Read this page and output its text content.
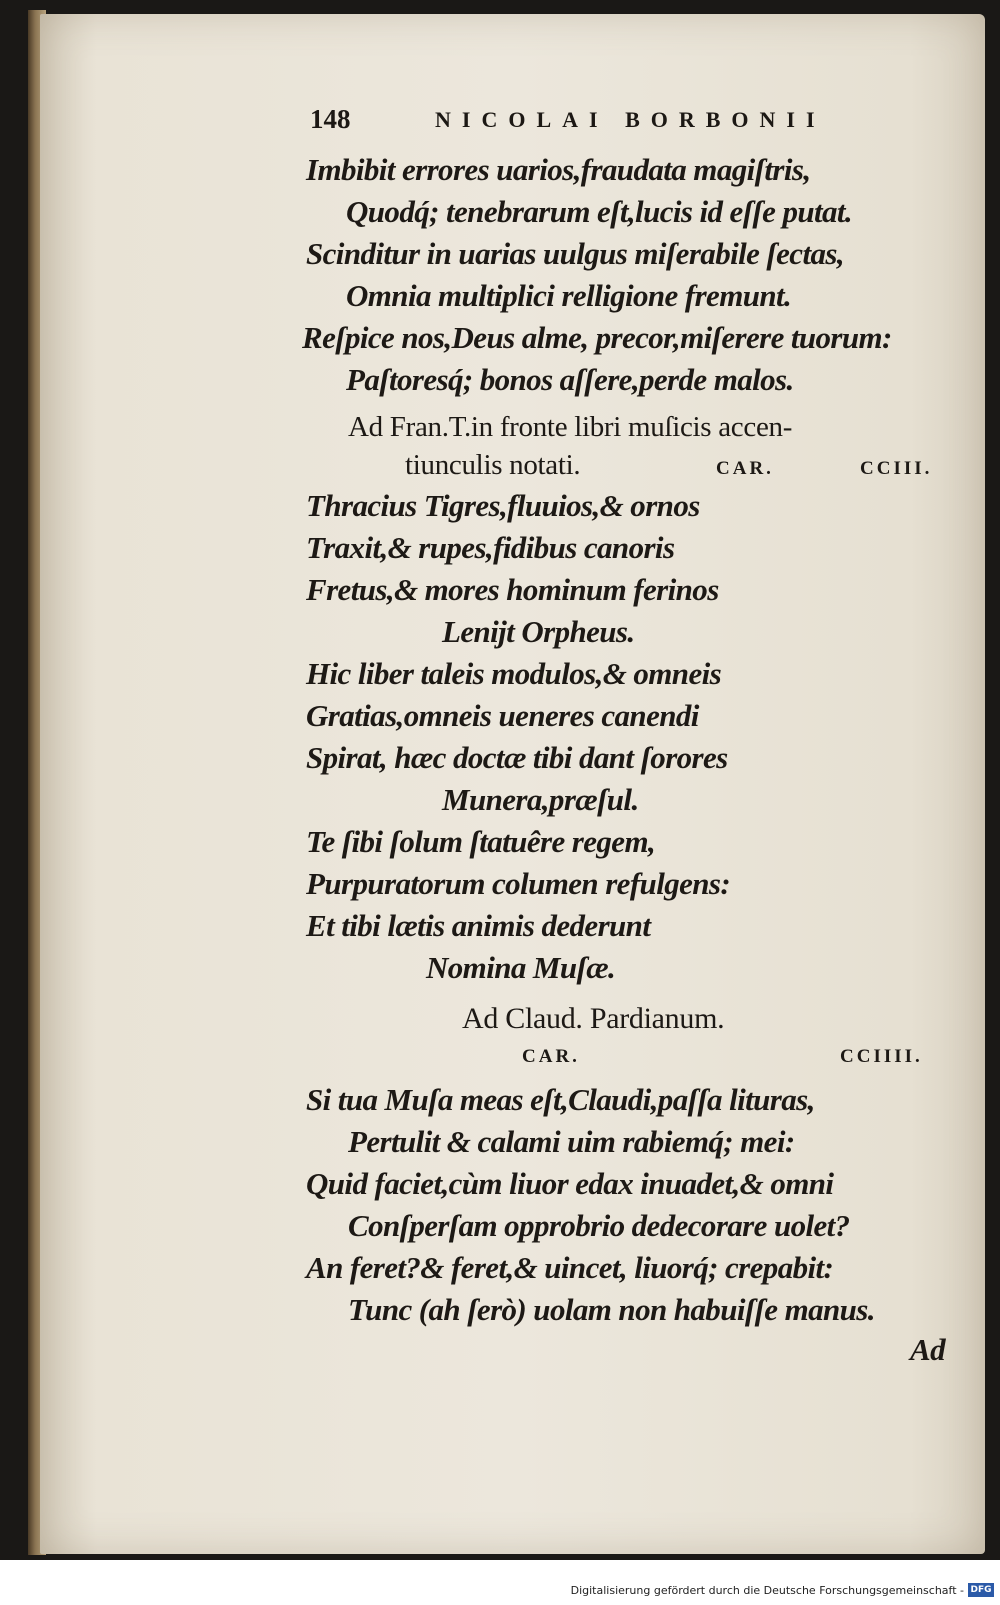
148	NICOLAI BORBONII
Imbibit errores uarios,fraudata magiſtris,
Quodq́; tenebrarum eſt,lucis id eſſe putat.
Scinditur in uarias uulgus miſerabile ſectas,
Omnia multiplici relligione fremunt.
Reſpice nos,Deus alme, precor,miſerere tuorum:
Paſtoresq́; bonos aſſere,perde malos.
Ad Fran.T.in fronte libri muſicis accen-
tiunculis notati.	CAR.	CCIII.
Thracius Tigres,fluuios,& ornos
Traxit,& rupes,fidibus canoris
Fretus,& mores hominum ferinos
Lenijt Orpheus.
Hic liber taleis modulos,& omneis
Gratias,omneis ueneres canendi
Spirat, hæc doctæ tibi dant ſorores
Munera,præſul.
Te ſibi ſolum ſtatuêre regem,
Purpuratorum columen refulgens:
Et tibi lætis animis dederunt
Nomina Muſæ.
Ad Claud. Pardianum.
CAR.	CCIIII.
Si tua Muſa meas eſt,Claudi,paſſa lituras,
Pertulit & calami uim rabiemq́; mei:
Quid faciet,cùm liuor edax inuadet,& omni
Conſperſam opprobrio dedecorare uolet?
An feret?& feret,& uincet, liuorq́; crepabit:
Tunc (ah ſerò) uolam non habuiſſe manus.
Ad
Digitalisierung gefördert durch die Deutsche Forschungsgemeinschaft - DFG
